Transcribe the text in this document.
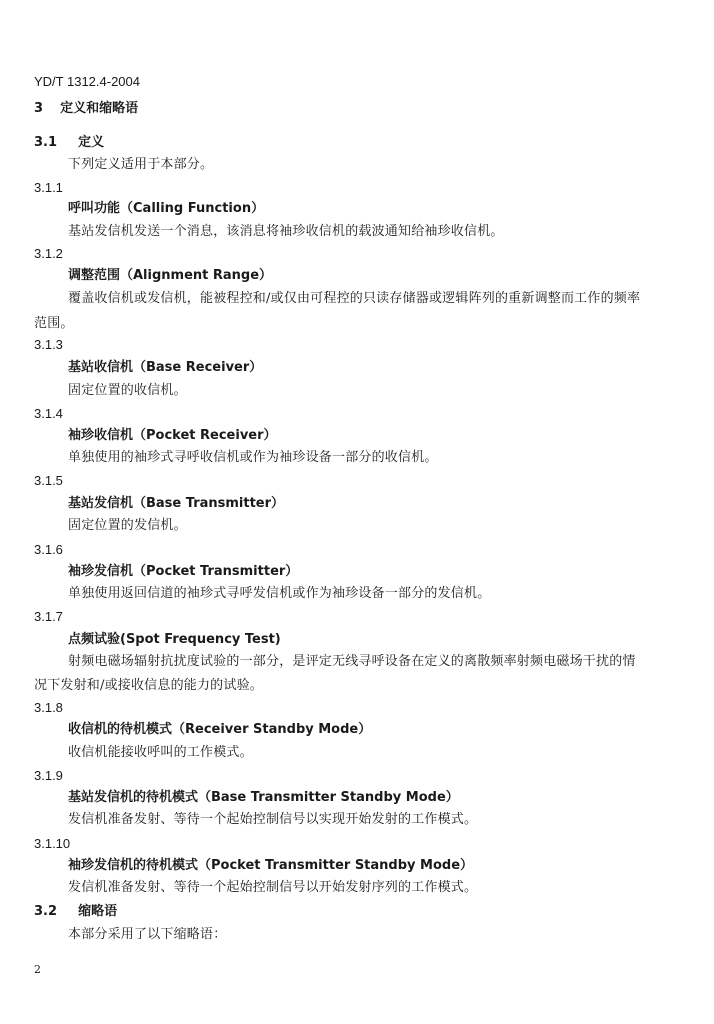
YD/T 1312.4-2004
3 定义和缩略语
3.1 定义
下列定义适用于本部分。
3.1.1
呼叫功能（Calling Function）
基站发信机发送一个消息，该消息将袖珍收信机的载波通知给袖珍收信机。
3.1.2
调整范围（Alignment Range）
覆盖收信机或发信机，能被程控和/或仅由可程控的只读存储器或逻辑阵列的重新调整而工作的频率
范围。
3.1.3
基站收信机（Base Receiver）
固定位置的收信机。
3.1.4
袖珍收信机（Pocket Receiver）
单独使用的袖珍式寻呼收信机或作为袖珍设备一部分的收信机。
3.1.5
基站发信机（Base Transmitter）
固定位置的发信机。
3.1.6
袖珍发信机（Pocket Transmitter）
单独使用返回信道的袖珍式寻呼发信机或作为袖珍设备一部分的发信机。
3.1.7
点频试验(Spot Frequency Test)
射频电磁场辐射抗扰度试验的一部分，是评定无线寻呼设备在定义的离散频率射频电磁场干扰的情
况下发射和/或接收信息的能力的试验。
3.1.8
收信机的待机模式（Receiver Standby Mode）
收信机能接收呼叫的工作模式。
3.1.9
基站发信机的待机模式（Base Transmitter Standby Mode）
发信机准备发射、等待一个起始控制信号以实现开始发射的工作模式。
3.1.10
袖珍发信机的待机模式（Pocket Transmitter Standby Mode）
发信机准备发射、等待一个起始控制信号以开始发射序列的工作模式。
3.2 缩略语
本部分采用了以下缩略语：
2
